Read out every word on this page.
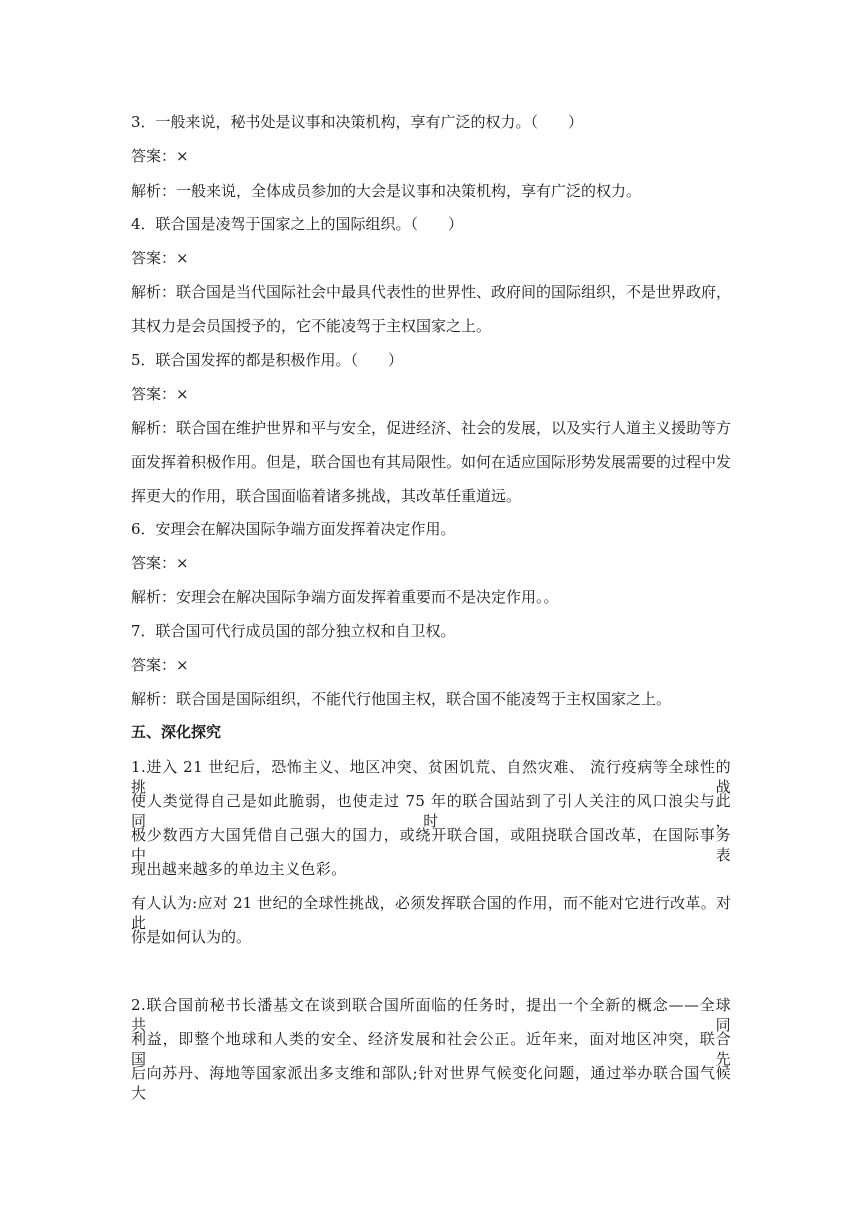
3．一般来说，秘书处是议事和决策机构，享有广泛的权力。（　　）
答案：×
解析：一般来说，全体成员参加的大会是议事和决策机构，享有广泛的权力。
4．联合国是凌驾于国家之上的国际组织。（　　）
答案：×
解析：联合国是当代国际社会中最具代表性的世界性、政府间的国际组织，不是世界政府，
其权力是会员国授予的，它不能凌驾于主权国家之上。
5．联合国发挥的都是积极作用。（　　）
答案：×
解析：联合国在维护世界和平与安全，促进经济、社会的发展，以及实行人道主义援助等方
面发挥着积极作用。但是，联合国也有其局限性。如何在适应国际形势发展需要的过程中发
挥更大的作用，联合国面临着诸多挑战，其改革任重道远。
6．安理会在解决国际争端方面发挥着决定作用。
答案：×
解析：安理会在解决国际争端方面发挥着重要而不是决定作用。。
7．联合国可代行成员国的部分独立权和自卫权。
答案：×
解析：联合国是国际组织，不能代行他国主权，联合国不能凌驾于主权国家之上。
五、深化探究
1.进入 21 世纪后，恐怖主义、地区冲突、贫困饥荒、自然灾难、 流行疫病等全球性的挑战
使人类觉得自己是如此脆弱，也使走过 75 年的联合国站到了引人关注的风口浪尖与此同时，
极少数西方大国凭借自己强大的国力，或绕开联合国，或阻挠联合国改革，在国际事务中表
现出越来越多的单边主义色彩。
有人认为:应对 21 世纪的全球性挑战，必须发挥联合国的作用，而不能对它进行改革。对此
你是如何认为的。
2.联合国前秘书长潘基文在谈到联合国所面临的任务时，提出一个全新的概念——全球共同
利益，即整个地球和人类的安全、经济发展和社会公正。近年来，面对地区冲突，联合国先
后向苏丹、海地等国家派出多支维和部队;针对世界气候变化问题，通过举办联合国气候大
